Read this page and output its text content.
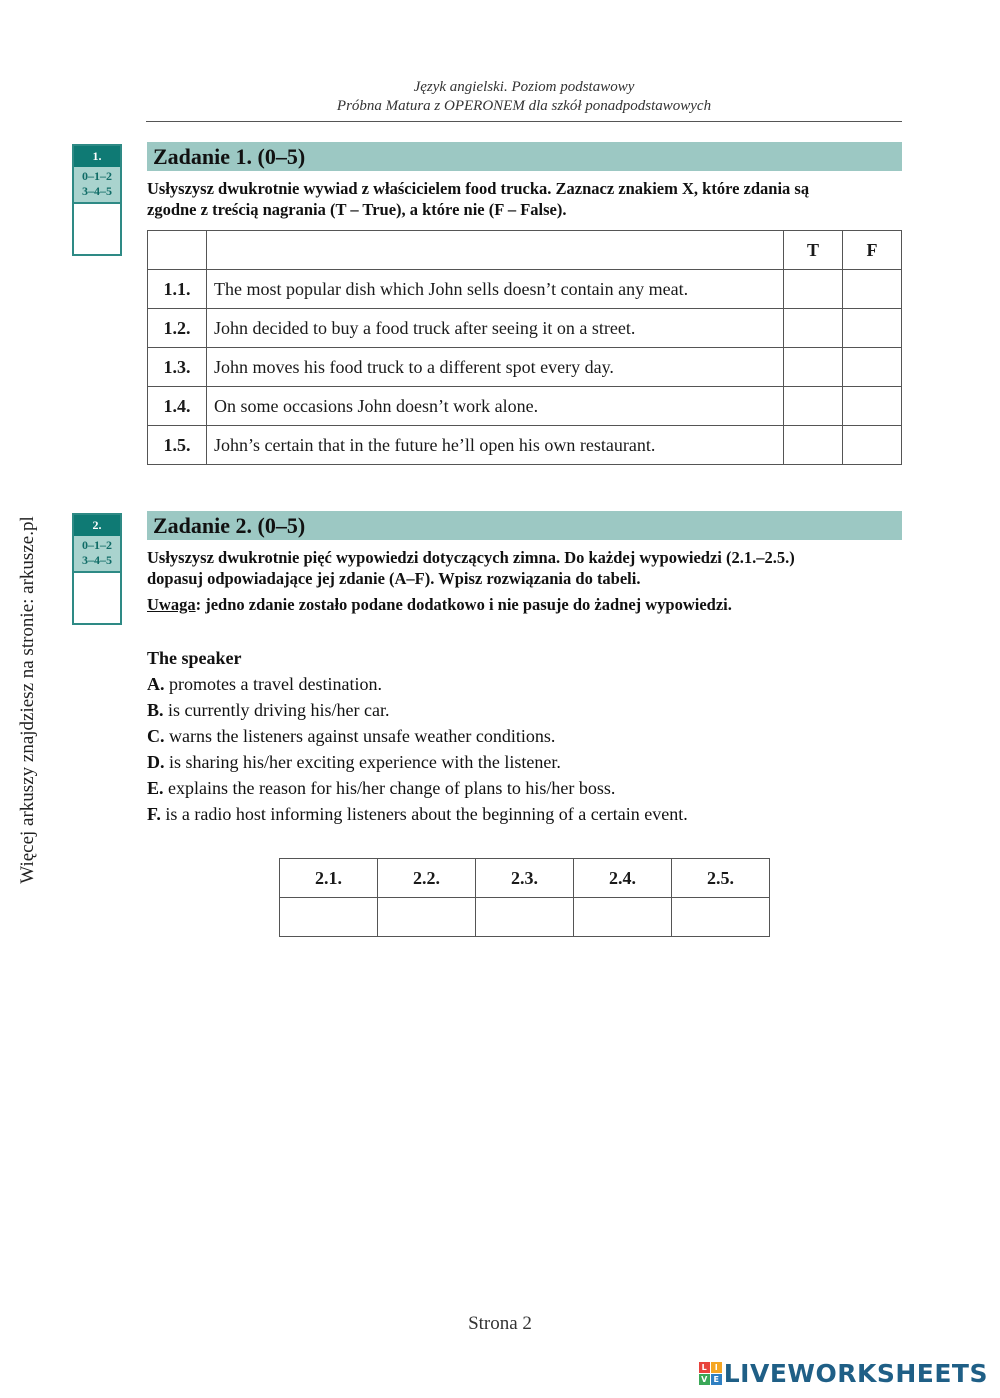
Język angielski. Poziom podstawowy
Próbna Matura z OPERONEM dla szkół ponadpodstawowych
Więcej arkuszy znajdziesz na stronie: arkusze.pl
1.
0–1–2
3–4–5
Zadanie 1. (0–5)
Usłyszysz dwukrotnie wywiad z właścicielem food trucka. Zaznacz znakiem X, które zdania są
zgodne z treścią nagrania (T – True), a które nie (F – False).
		T	F
1.1.	The most popular dish which John sells doesn’t contain any meat.		
1.2.	John decided to buy a food truck after seeing it on a street.		
1.3.	John moves his food truck to a different spot every day.		
1.4.	On some occasions John doesn’t work alone.		
1.5.	John’s certain that in the future he’ll open his own restaurant.		
2.
0–1–2
3–4–5
Zadanie 2. (0–5)
Usłyszysz dwukrotnie pięć wypowiedzi dotyczących zimna. Do każdej wypowiedzi (2.1.–2.5.)
dopasuj odpowiadające jej zdanie (A–F). Wpisz rozwiązania do tabeli.
Uwaga: jedno zdanie zostało podane dodatkowo i nie pasuje do żadnej wypowiedzi.
The speaker
A. promotes a travel destination.
B. is currently driving his/her car.
C. warns the listeners against unsafe weather conditions.
D. is sharing his/her exciting experience with the listener.
E. explains the reason for his/her change of plans to his/her boss.
F. is a radio host informing listeners about the beginning of a certain event.
2.1.	2.2.	2.3.	2.4.	2.5.

Strona 2
L I
V E LIVEWORKSHEETS
